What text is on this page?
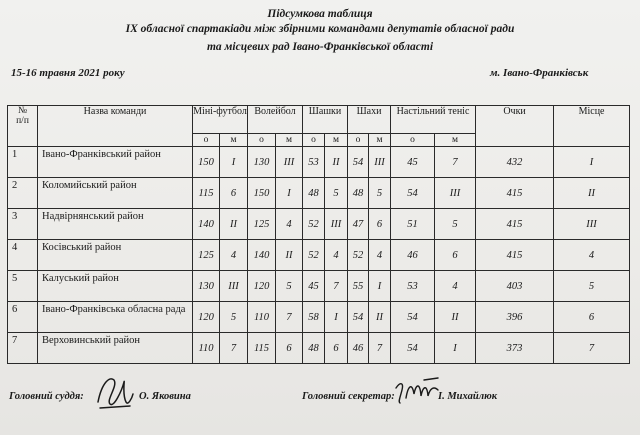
Підсумкова таблиця
IX обласної спартакіади між збірними командами депутатів обласної ради
та місцевих рад Івано-Франківської області
15-16 травня 2021 року	м. Івано-Франківськ
№
п/п	Назва команди	Міні-футбол		Волейбол		Шашки		Шахи		Настільний теніс		Очки	Місце
		о	м	о	м	о	м	о	м	о	м		
1	Івано-Франківський район	150	I	130	III	53	II	54	III	45	7	432	I
2	Коломийський район	115	6	150	I	48	5	48	5	54	III	415	II
3	Надвірнянський район	140	II	125	4	52	III	47	6	51	5	415	III
4	Косівський район	125	4	140	II	52	4	52	4	46	6	415	4
5	Калуський район	130	III	120	5	45	7	55	I	53	4	403	5
6	Івано-Франківська обласна рада	120	5	110	7	58	I	54	II	54	II	396	6
7	Верховинський район	110	7	115	6	48	6	46	7	54	I	373	7
Головний суддя:	О. Яковина	Головний секретар:	І. Михайлюк
